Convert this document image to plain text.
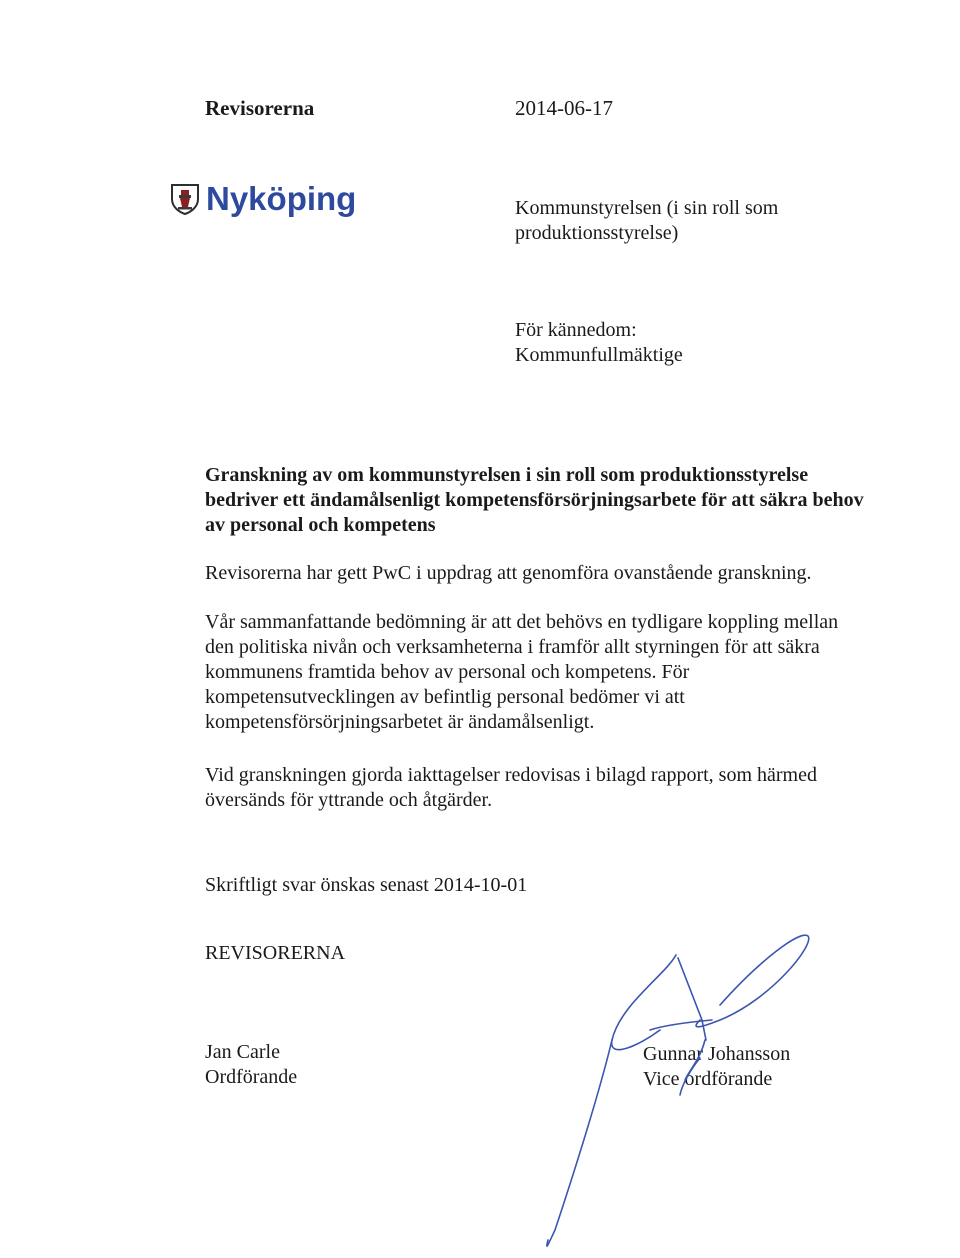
Revisorerna	2014-06-17
Nyköping	Kommunstyrelsen (i sin roll som
produktionsstyrelse)
För kännedom:
Kommunfullmäktige
Granskning av om kommunstyrelsen i sin roll som produktionsstyrelse bedriver ett ändamålsenligt kompetensförsörjningsarbete för att säkra behov av personal och kompetens
Revisorerna har gett PwC i uppdrag att genomföra ovanstående granskning.
Vår sammanfattande bedömning är att det behövs en tydligare koppling mellan den politiska nivån och verksamheterna i framför allt styrningen för att säkra kommunens framtida behov av personal och kompetens. För kompetensutvecklingen av befintlig personal bedömer vi att kompetensförsörjningsarbetet är ändamålsenligt.
Vid granskningen gjorda iakttagelser redovisas i bilagd rapport, som härmed översänds för yttrande och åtgärder.
Skriftligt svar önskas senast 2014-10-01
REVISORERNA
Jan Carle
Ordförande
Gunnar Johansson
Vice ordförande
